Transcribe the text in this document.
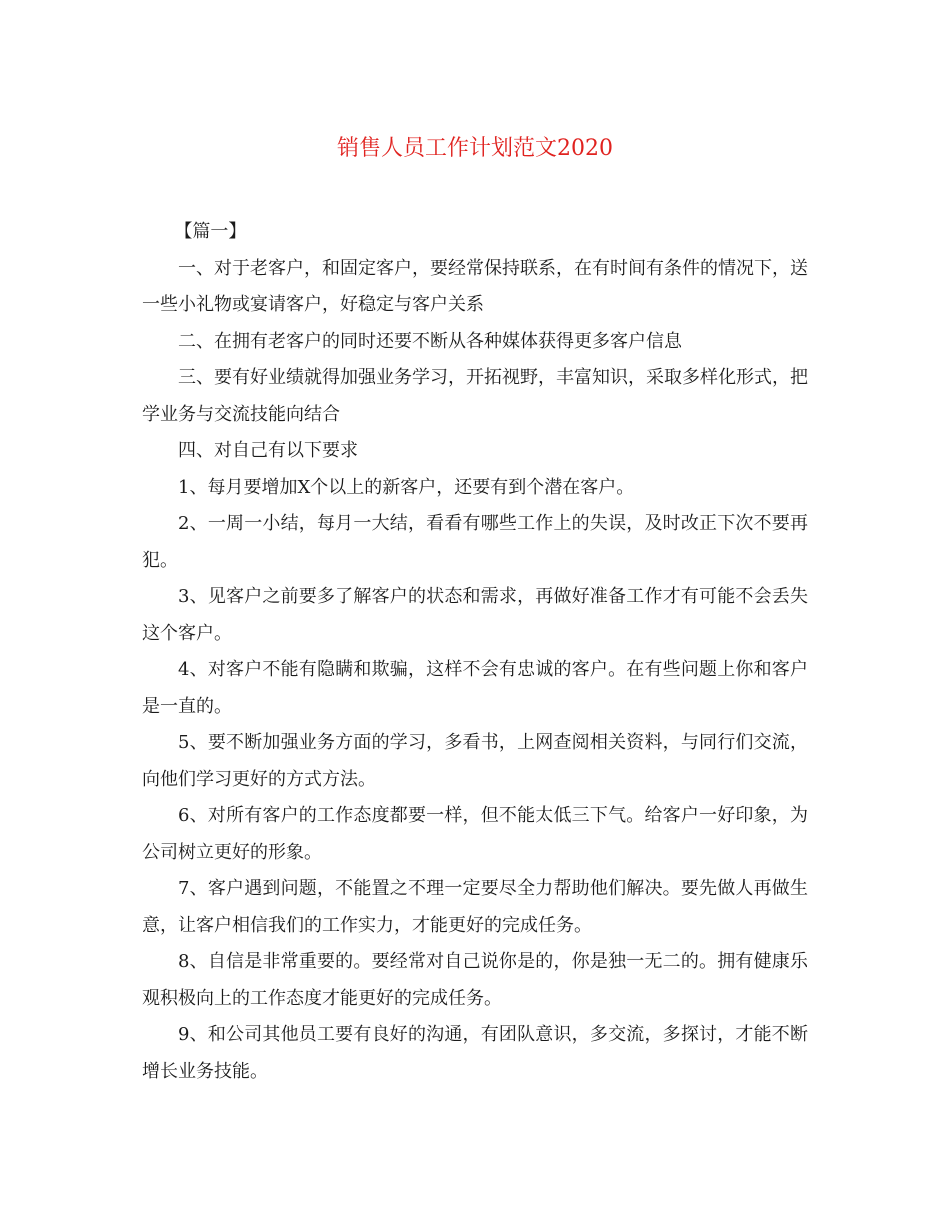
销售人员工作计划范文2020

【篇一】

一、对于老客户，和固定客户，要经常保持联系，在有时间有条件的情况下，送一些小礼物或宴请客户，好稳定与客户关系

二、在拥有老客户的同时还要不断从各种媒体获得更多客户信息

三、要有好业绩就得加强业务学习，开拓视野，丰富知识，采取多样化形式，把学业务与交流技能向结合

四、对自己有以下要求

1、每月要增加X个以上的新客户，还要有到个潜在客户。

2、一周一小结，每月一大结，看看有哪些工作上的失误，及时改正下次不要再犯。

3、见客户之前要多了解客户的状态和需求，再做好准备工作才有可能不会丢失这个客户。

4、对客户不能有隐瞒和欺骗，这样不会有忠诚的客户。在有些问题上你和客户是一直的。

5、要不断加强业务方面的学习，多看书，上网查阅相关资料，与同行们交流，向他们学习更好的方式方法。

6、对所有客户的工作态度都要一样，但不能太低三下气。给客户一好印象，为公司树立更好的形象。

7、客户遇到问题，不能置之不理一定要尽全力帮助他们解决。要先做人再做生意，让客户相信我们的工作实力，才能更好的完成任务。

8、自信是非常重要的。要经常对自己说你是的，你是独一无二的。拥有健康乐观积极向上的工作态度才能更好的完成任务。

9、和公司其他员工要有良好的沟通，有团队意识，多交流，多探讨，才能不断增长业务技能。
